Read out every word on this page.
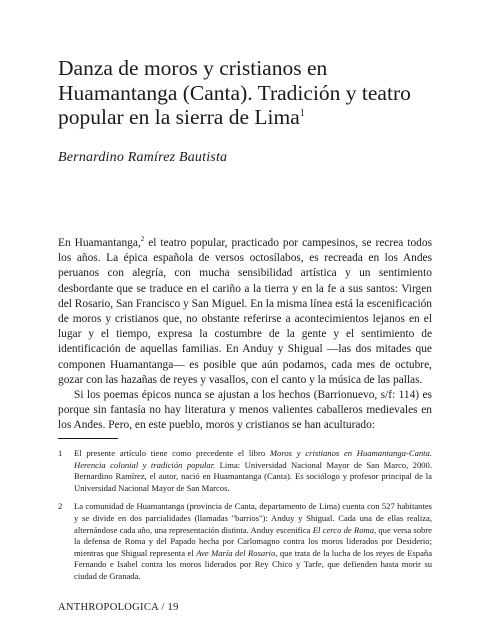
Danza de moros y cristianos en Huamantanga (Canta). Tradición y teatro popular en la sierra de Lima$^1$
Bernardino Ramírez Bautista

En Huamantanga,$^2$ el teatro popular, practicado por campesinos, se recrea todos los años. La épica española de versos octosílabos, es recreada en los Andes peruanos con alegría, con mucha sensibilidad artística y un sentimiento desbordante que se traduce en el cariño a la tierra y en la fe a sus santos: Virgen del Rosario, San Francisco y San Miguel. En la misma línea está la escenificación de moros y cristianos que, no obstante referirse a acontecimientos lejanos en el lugar y el tiempo, expresa la costumbre de la gente y el sentimiento de identificación de aquellas familias. En Anduy y Shigual —las dos mitades que componen Huamantanga— es posible que aún podamos, cada mes de octubre, gozar con las hazañas de reyes y vasallos, con el canto y la música de las pallas.

Si los poemas épicos nunca se ajustan a los hechos (Barrionuevo, s/f: 114) es porque sin fantasía no hay literatura y menos valientes caballeros medievales en los Andes. Pero, en este pueblo, moros y cristianos se han aculturado:

1	El presente artículo tiene como precedente el libro Moros y cristianos en Huamantanga-Canta. Herencia colonial y tradición popular. Lima: Universidad Nacional Mayor de San Marco, 2000. Bernardino Ramírez, el autor, nació en Huamantanga (Canta). Es sociólogo y profesor principal de la Universidad Nacional Mayor de San Marcos.
2	La comunidad de Huamantanga (provincia de Canta, departamento de Lima) cuenta con 527 habitantes y se divide en dos parcialidades (llamadas "barrios"): Anduy y Shigual. Cada una de ellas realiza, alternándose cada año, una representación distinta. Anduy escenifica El cerco de Roma, que versa sobre la defensa de Roma y del Papado hecha por Carlomagno contra los moros liderados por Desiderio; mientras que Shigual representa el Ave María del Rosario, que trata de la lucha de los reyes de España Fernando e Isabel contra los moros liderados por Rey Chico y Tarfe, que defienden hasta morir su ciudad de Granada.
ANTHROPOLOGICA / 19
